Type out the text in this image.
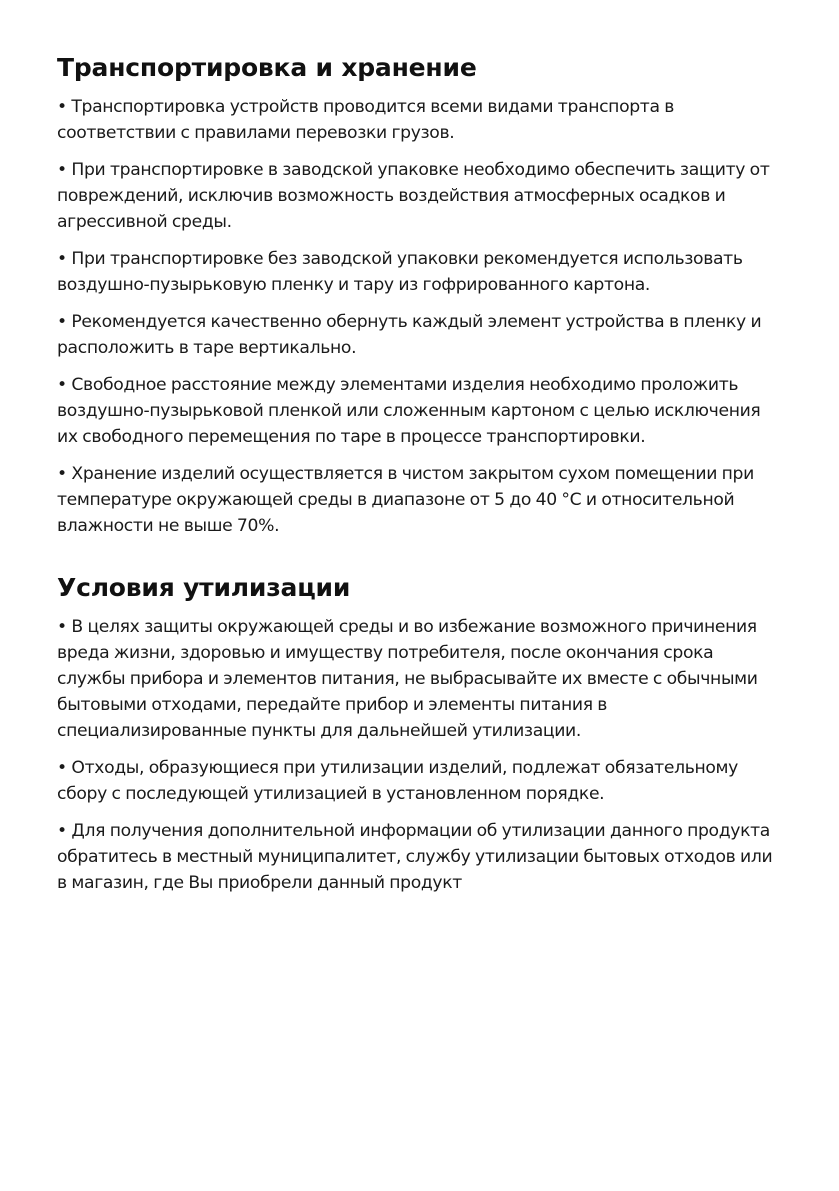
Транспортировка и хранение

• Транспортировка устройств проводится всеми видами транспорта в соответствии с правилами перевозки грузов.

• При транспортировке в заводской упаковке необходимо обеспечить защиту от повреждений, исключив возможность воздействия атмосферных осадков и агрессивной среды.

• При транспортировке без заводской упаковки рекомендуется использовать воздушно-пузырьковую пленку и тару из гофрированного картона.

• Рекомендуется качественно обернуть каждый элемент устройства в пленку и расположить в таре вертикально.

• Свободное расстояние между элементами изделия необходимо проложить воздушно-пузырьковой пленкой или сложенным картоном с целью исключения их свободного перемещения по таре в процессе транспортировки.

• Хранение изделий осуществляется в чистом закрытом сухом помещении при температуре окружающей среды в диапазоне от 5 до 40 °С и относительной влажности не выше 70%.

Условия утилизации

• В целях защиты окружающей среды и во избежание возможного причинения вреда жизни, здоровью и имуществу потребителя, после окончания срока службы прибора и элементов питания, не выбрасывайте их вместе с обычными бытовыми отходами, передайте прибор и элементы питания в специализированные пункты для дальнейшей утилизации.

• Отходы, образующиеся при утилизации изделий, подлежат обязательному сбору с последующей утилизацией в установленном порядке.

• Для получения дополнительной информации об утилизации данного продукта обратитесь в местный муниципалитет, службу утилизации бытовых отходов или в магазин, где Вы приобрели данный продукт
